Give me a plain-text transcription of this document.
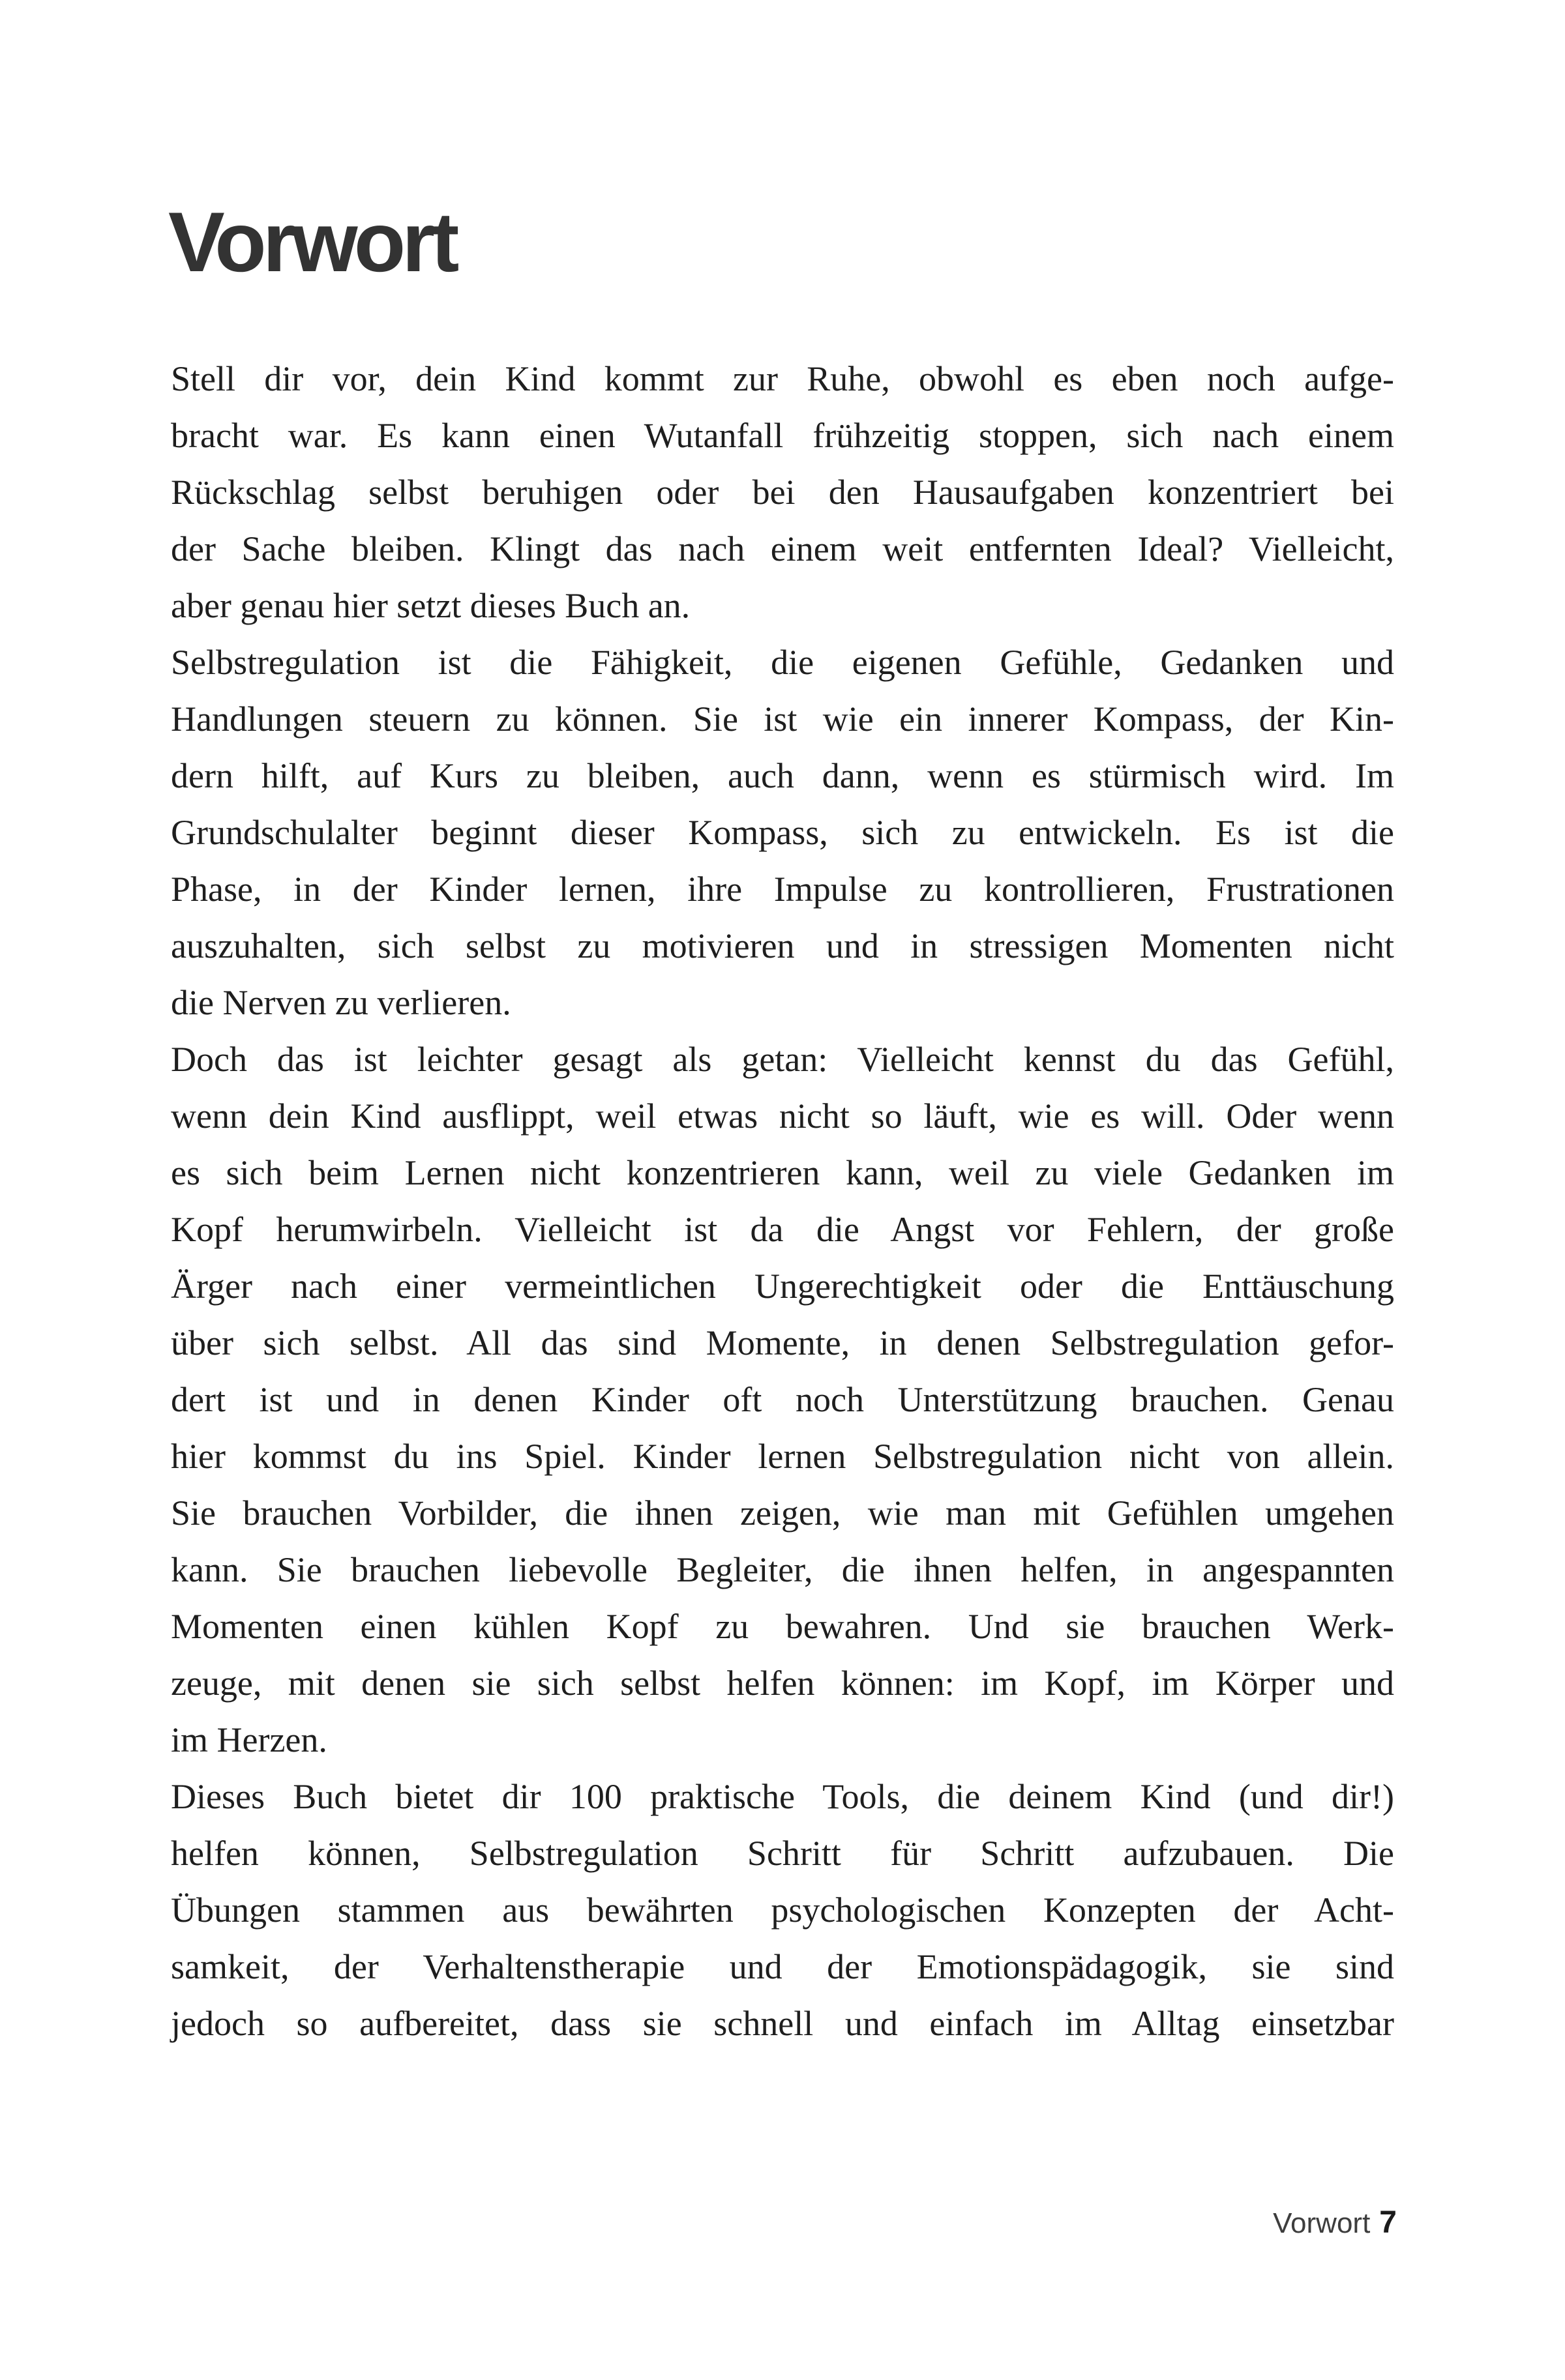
Vorwort
Stell dir vor, dein Kind kommt zur Ruhe, obwohl es eben noch aufge-
bracht war. Es kann einen Wutanfall frühzeitig stoppen, sich nach einem
Rückschlag selbst beruhigen oder bei den Hausaufgaben konzentriert bei
der Sache bleiben. Klingt das nach einem weit entfernten Ideal? Vielleicht,
aber genau hier setzt dieses Buch an.
Selbstregulation ist die Fähigkeit, die eigenen Gefühle, Gedanken und
Handlungen steuern zu können. Sie ist wie ein innerer Kompass, der Kin-
dern hilft, auf Kurs zu bleiben, auch dann, wenn es stürmisch wird. Im
Grundschulalter beginnt dieser Kompass, sich zu entwickeln. Es ist die
Phase, in der Kinder lernen, ihre Impulse zu kontrollieren, Frustrationen
auszuhalten, sich selbst zu motivieren und in stressigen Momenten nicht
die Nerven zu verlieren.
Doch das ist leichter gesagt als getan: Vielleicht kennst du das Gefühl,
wenn dein Kind ausflippt, weil etwas nicht so läuft, wie es will. Oder wenn
es sich beim Lernen nicht konzentrieren kann, weil zu viele Gedanken im
Kopf herumwirbeln. Vielleicht ist da die Angst vor Fehlern, der große
Ärger nach einer vermeintlichen Ungerechtigkeit oder die Enttäuschung
über sich selbst. All das sind Momente, in denen Selbstregulation gefor-
dert ist und in denen Kinder oft noch Unterstützung brauchen. Genau
hier kommst du ins Spiel. Kinder lernen Selbstregulation nicht von allein.
Sie brauchen Vorbilder, die ihnen zeigen, wie man mit Gefühlen umgehen
kann. Sie brauchen liebevolle Begleiter, die ihnen helfen, in angespannten
Momenten einen kühlen Kopf zu bewahren. Und sie brauchen Werk-
zeuge, mit denen sie sich selbst helfen können: im Kopf, im Körper und
im Herzen.
Dieses Buch bietet dir 100 praktische Tools, die deinem Kind (und dir!)
helfen können, Selbstregulation Schritt für Schritt aufzubauen. Die
Übungen stammen aus bewährten psychologischen Konzepten der Acht-
samkeit, der Verhaltenstherapie und der Emotionspädagogik, sie sind
jedoch so aufbereitet, dass sie schnell und einfach im Alltag einsetzbar
Vorwort 7
